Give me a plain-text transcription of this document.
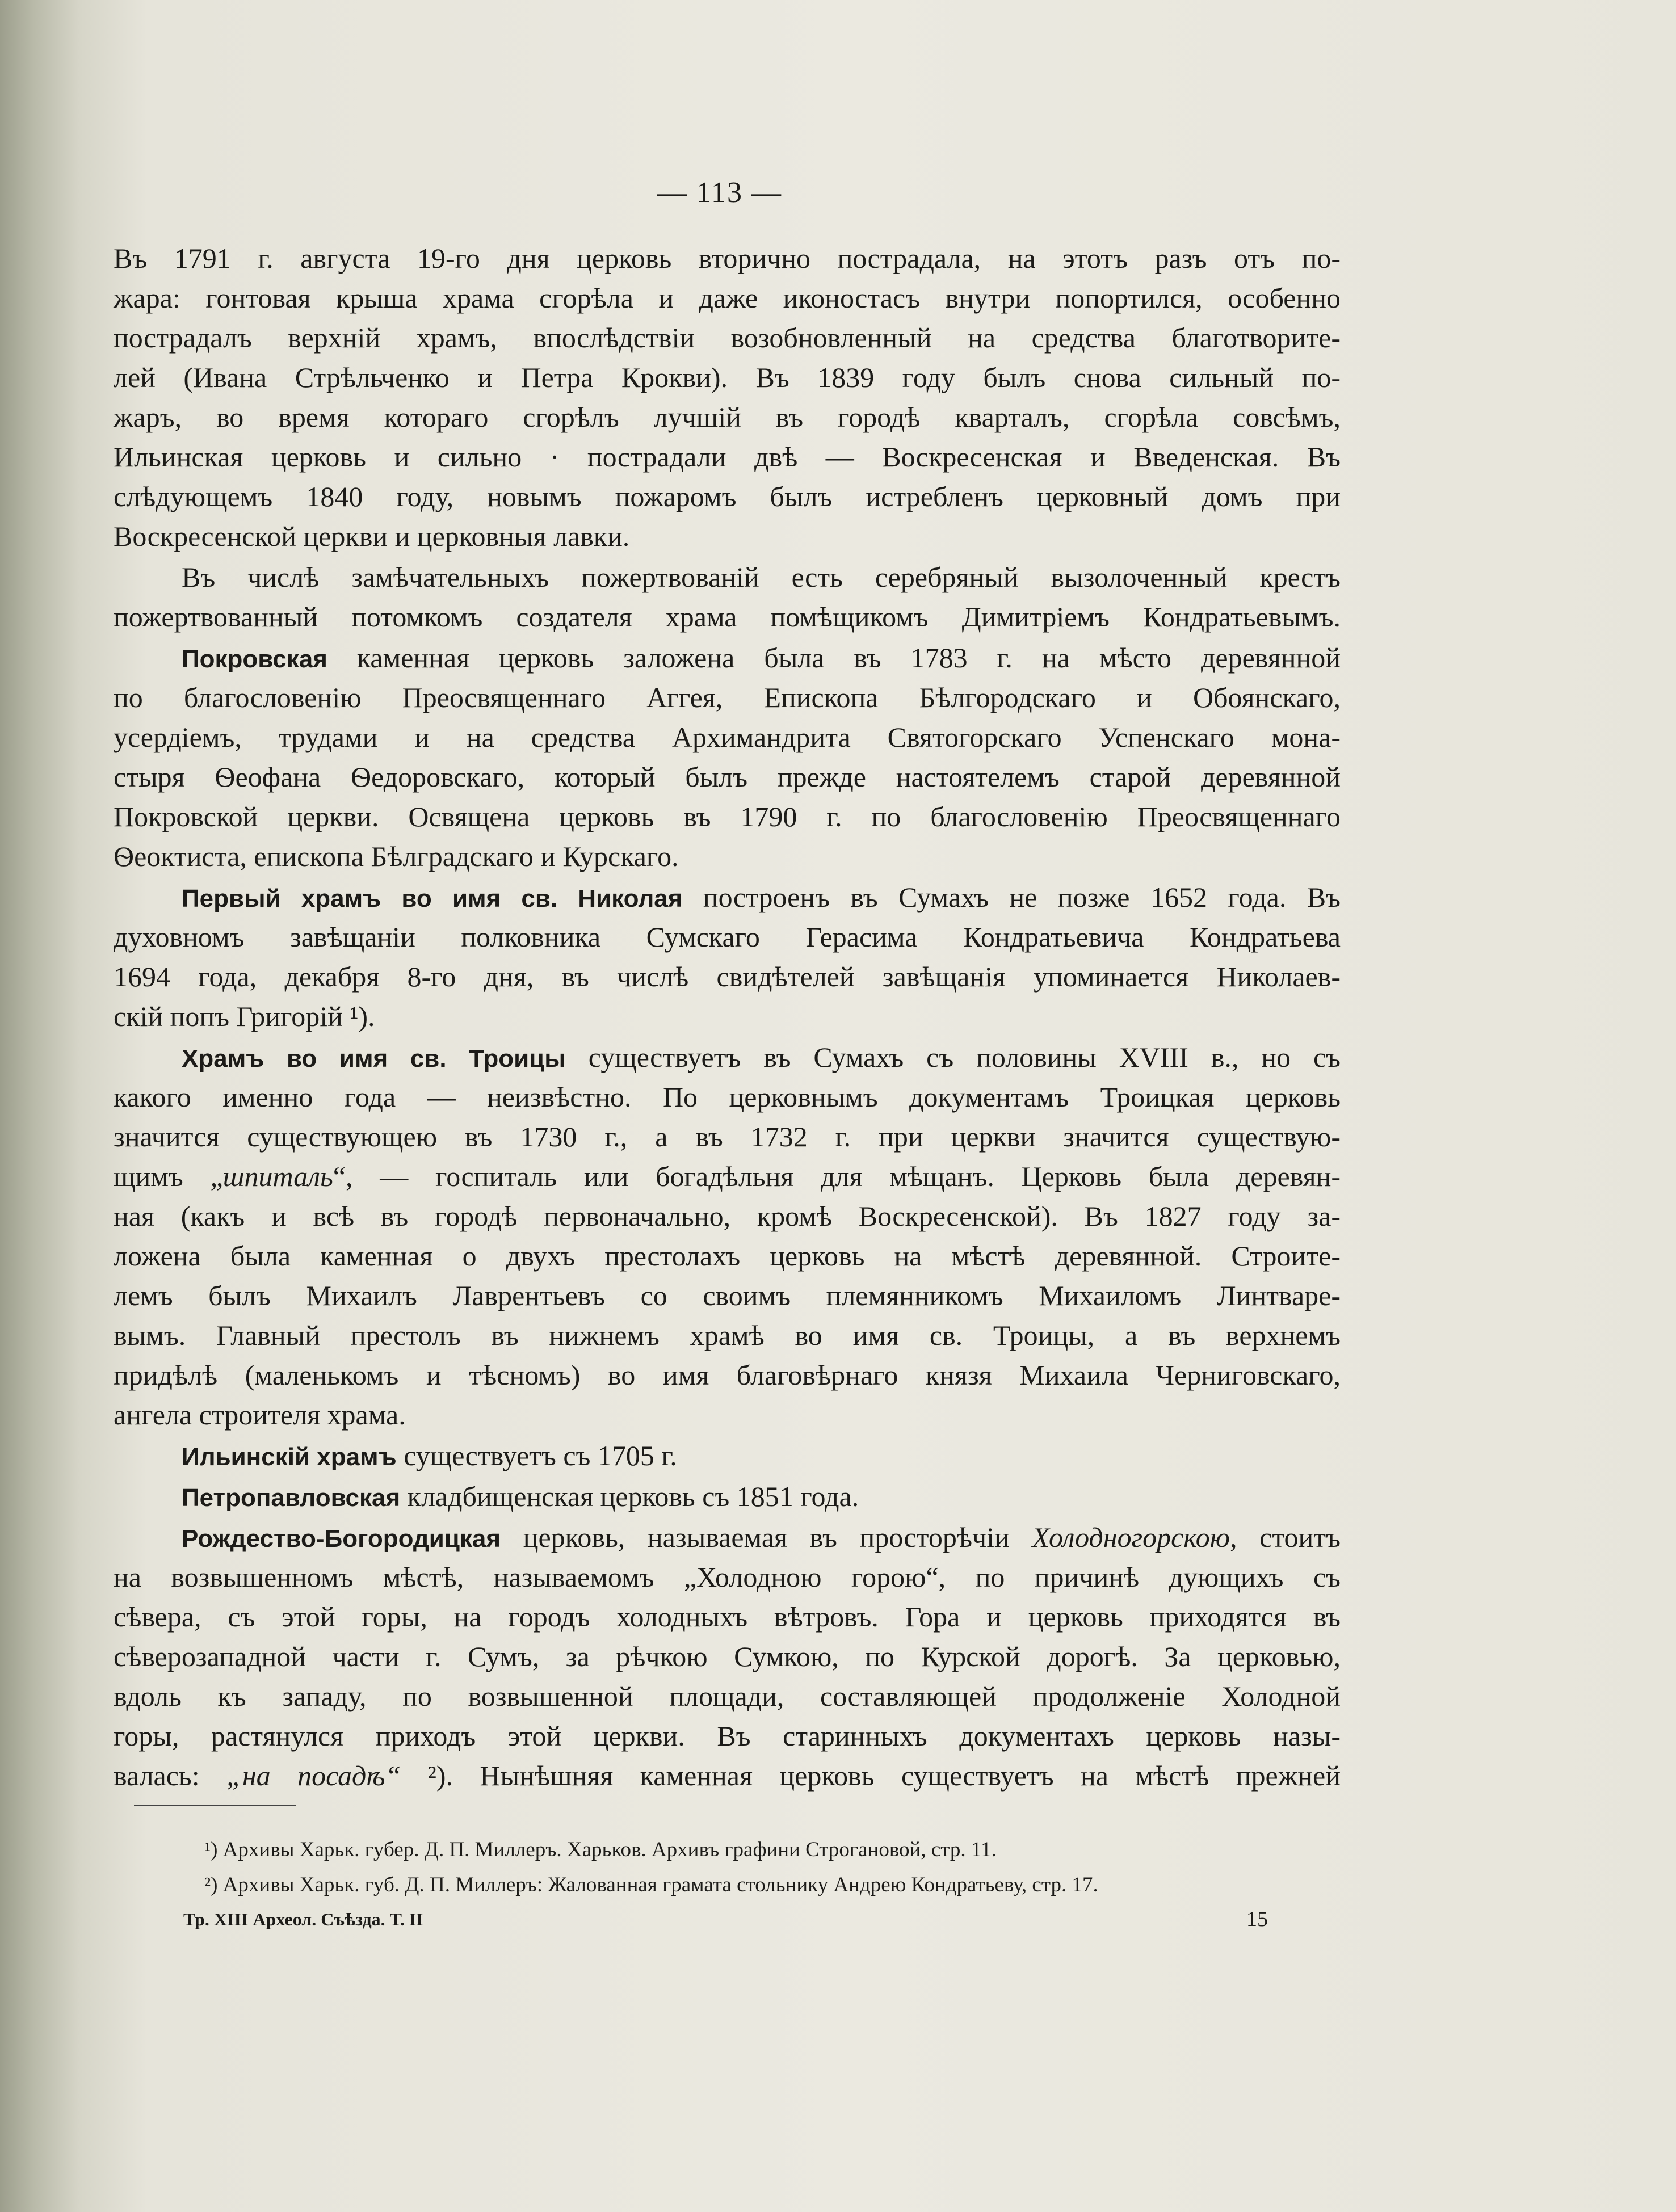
— 113 —
Въ 1791 г. августа 19-го дня церковь вторично пострадала, на этотъ разъ отъ по-
жара: гонтовая крыша храма сгорѣла и даже иконостасъ внутри попортился, особенно
пострадалъ верхній храмъ, впослѣдствіи возобновленный на средства благотворите-
лей (Ивана Стрѣльченко и Петра Крокви). Въ 1839 году былъ снова сильный по-
жаръ, во время котораго сгорѣлъ лучшій въ городѣ кварталъ, сгорѣла совсѣмъ,
Ильинская церковь и сильно · пострадали двѣ — Воскресенская и Введенская. Въ
слѣдующемъ 1840 году, новымъ пожаромъ былъ истребленъ церковный домъ при
Воскресенской церкви и церковныя лавки.
Въ числѣ замѣчательныхъ пожертвованій есть серебряный вызолоченный крестъ
пожертвованный потомкомъ создателя храма помѣщикомъ Димитріемъ Кондратьевымъ.
Покровская каменная церковь заложена была въ 1783 г. на мѣсто деревянной
по благословенію Преосвященнаго Аггея, Епископа Бѣлгородскаго и Обоянскаго,
усердіемъ, трудами и на средства Архимандрита Святогорскаго Успенскаго мона-
стыря Ѳеофана Ѳедоровскаго, который былъ прежде настоятелемъ старой деревянной
Покровской церкви. Освящена церковь въ 1790 г. по благословенію Преосвященнаго
Ѳеоктиста, епископа Бѣлградскаго и Курскаго.
Первый храмъ во имя св. Николая построенъ въ Сумахъ не позже 1652 года. Въ
духовномъ завѣщаніи полковника Сумскаго Герасима Кондратьевича Кондратьева
1694 года, декабря 8-го дня, въ числѣ свидѣтелей завѣщанія упоминается Николаев-
скій попъ Григорій ¹).
Храмъ во имя св. Троицы существуетъ въ Сумахъ съ половины XVIII в., но съ
какого именно года — неизвѣстно. По церковнымъ документамъ Троицкая церковь
значится существующею въ 1730 г., а въ 1732 г. при церкви значится существую-
щимъ „шпиталь“, — госпиталь или богадѣльня для мѣщанъ. Церковь была деревян-
ная (какъ и всѣ въ городѣ первоначально, кромѣ Воскресенской). Въ 1827 году за-
ложена была каменная о двухъ престолахъ церковь на мѣстѣ деревянной. Строите-
лемъ былъ Михаилъ Лаврентьевъ со своимъ племянникомъ Михаиломъ Линтваре-
вымъ. Главный престолъ въ нижнемъ храмѣ во имя св. Троицы, а въ верхнемъ
придѣлѣ (маленькомъ и тѣсномъ) во имя благовѣрнаго князя Михаила Черниговскаго,
ангела строителя храма.
Ильинскій храмъ существуетъ съ 1705 г.
Петропавловская кладбищенская церковь съ 1851 года.
Рождество-Богородицкая церковь, называемая въ просторѣчіи Холодногорскою, стоитъ
на возвышенномъ мѣстѣ, называемомъ „Холодною горою“, по причинѣ дующихъ съ
сѣвера, съ этой горы, на городъ холодныхъ вѣтровъ. Гора и церковь приходятся въ
сѣверозападной части г. Сумъ, за рѣчкою Сумкою, по Курской дорогѣ. За церковью,
вдоль къ западу, по возвышенной площади, составляющей продолженіе Холодной
горы, растянулся приходъ этой церкви. Въ старинныхъ документахъ церковь назы-
валась: „на посадѣ“ ²). Нынѣшняя каменная церковь существуетъ на мѣстѣ прежней
¹) Архивы Харьк. губер. Д. П. Миллеръ. Харьков. Архивъ графини Строгановой, стр. 11.
²) Архивы Харьк. губ. Д. П. Миллеръ: Жалованная грамата стольнику Андрею Кондратьеву, стр. 17.
Тр. XIII Археол. Съѣзда. Т. II	15
